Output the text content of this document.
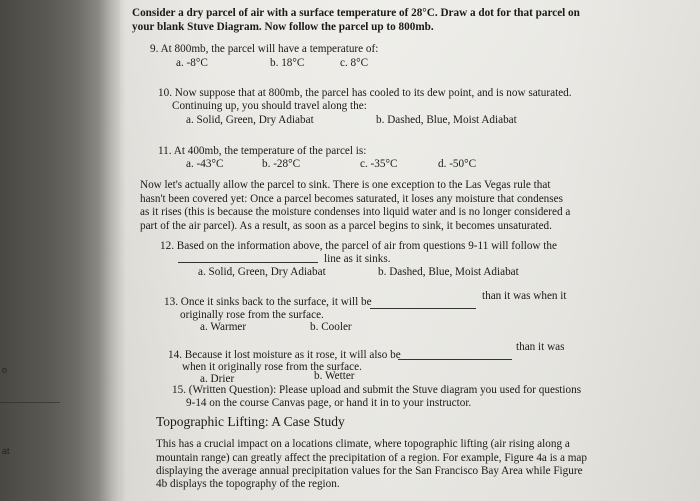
o
at
Consider a dry parcel of air with a surface temperature of 28°C. Draw a dot for that parcel on
your blank Stuve Diagram. Now follow the parcel up to 800mb.
9. At 800mb, the parcel will have a temperature of:
a. -8°C	b. 18°C	c. 8°C
10. Now suppose that at 800mb, the parcel has cooled to its dew point, and is now saturated.
Continuing up, you should travel along the:
a. Solid, Green, Dry Adiabat	b. Dashed, Blue, Moist Adiabat
11. At 400mb, the temperature of the parcel is:
a. -43°C	b. -28°C	c. -35°C	d. -50°C
Now let's actually allow the parcel to sink. There is one exception to the Las Vegas rule that
hasn't been covered yet: Once a parcel becomes saturated, it loses any moisture that condenses
as it rises (this is because the moisture condenses into liquid water and is no longer considered a
part of the air parcel). As a result, as soon as a parcel begins to sink, it becomes unsaturated.
12. Based on the information above, the parcel of air from questions 9-11 will follow the
line as it sinks.
a. Solid, Green, Dry Adiabat	b. Dashed, Blue, Moist Adiabat
13. Once it sinks back to the surface, it will be	than it was when it
originally rose from the surface.
a. Warmer	b. Cooler
14. Because it lost moisture as it rose, it will also be
than it was
when it originally rose from the surface.
a. Drier	b. Wetter
15. (Written Question): Please upload and submit the Stuve diagram you used for questions
9-14 on the course Canvas page, or hand it in to your instructor.
Topographic Lifting: A Case Study
This has a crucial impact on a locations climate, where topographic lifting (air rising along a
mountain range) can greatly affect the precipitation of a region. For example, Figure 4a is a map
displaying the average annual precipitation values for the San Francisco Bay Area while Figure
4b displays the topography of the region.
